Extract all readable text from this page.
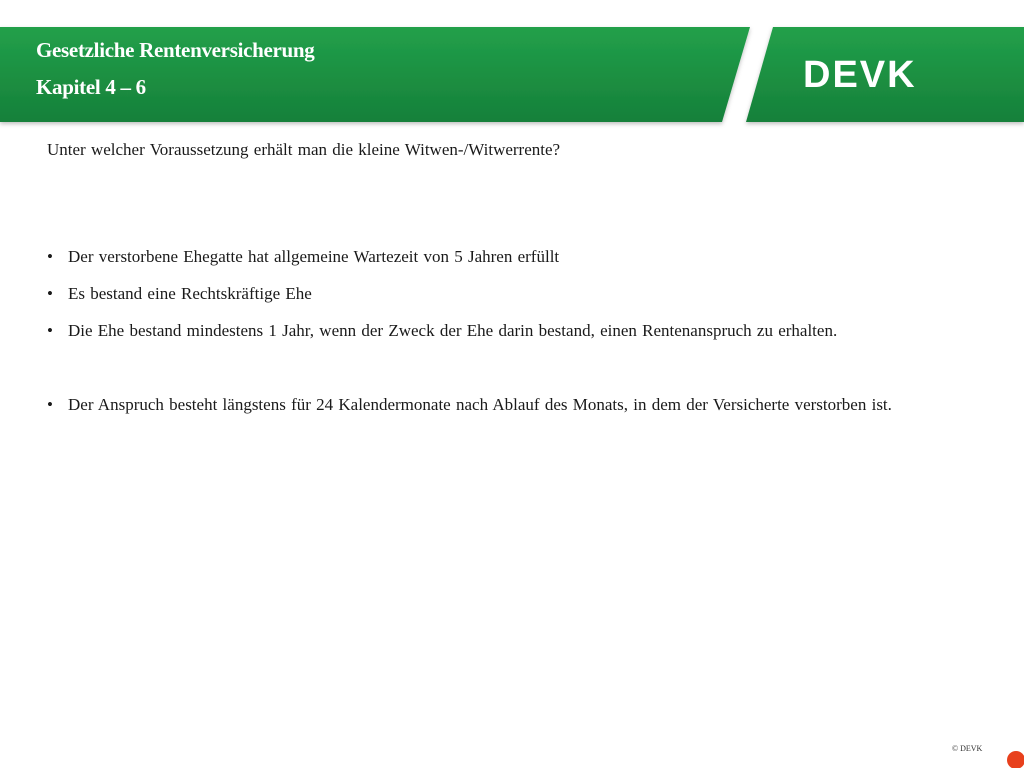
Gesetzliche Rentenversicherung
Kapitel 4 – 6	DEVK
Unter welcher Voraussetzung erhält man die kleine Witwen-/Witwerrente?
• Der verstorbene Ehegatte hat allgemeine Wartezeit von 5 Jahren erfüllt
• Es bestand eine Rechtskräftige Ehe
• Die Ehe bestand mindestens 1 Jahr, wenn der Zweck der Ehe darin bestand, einen Rentenanspruch zu erhalten.
• Der Anspruch besteht längstens für 24 Kalendermonate nach Ablauf des Monats, in dem der Versicherte verstorben ist.
© DEVK
